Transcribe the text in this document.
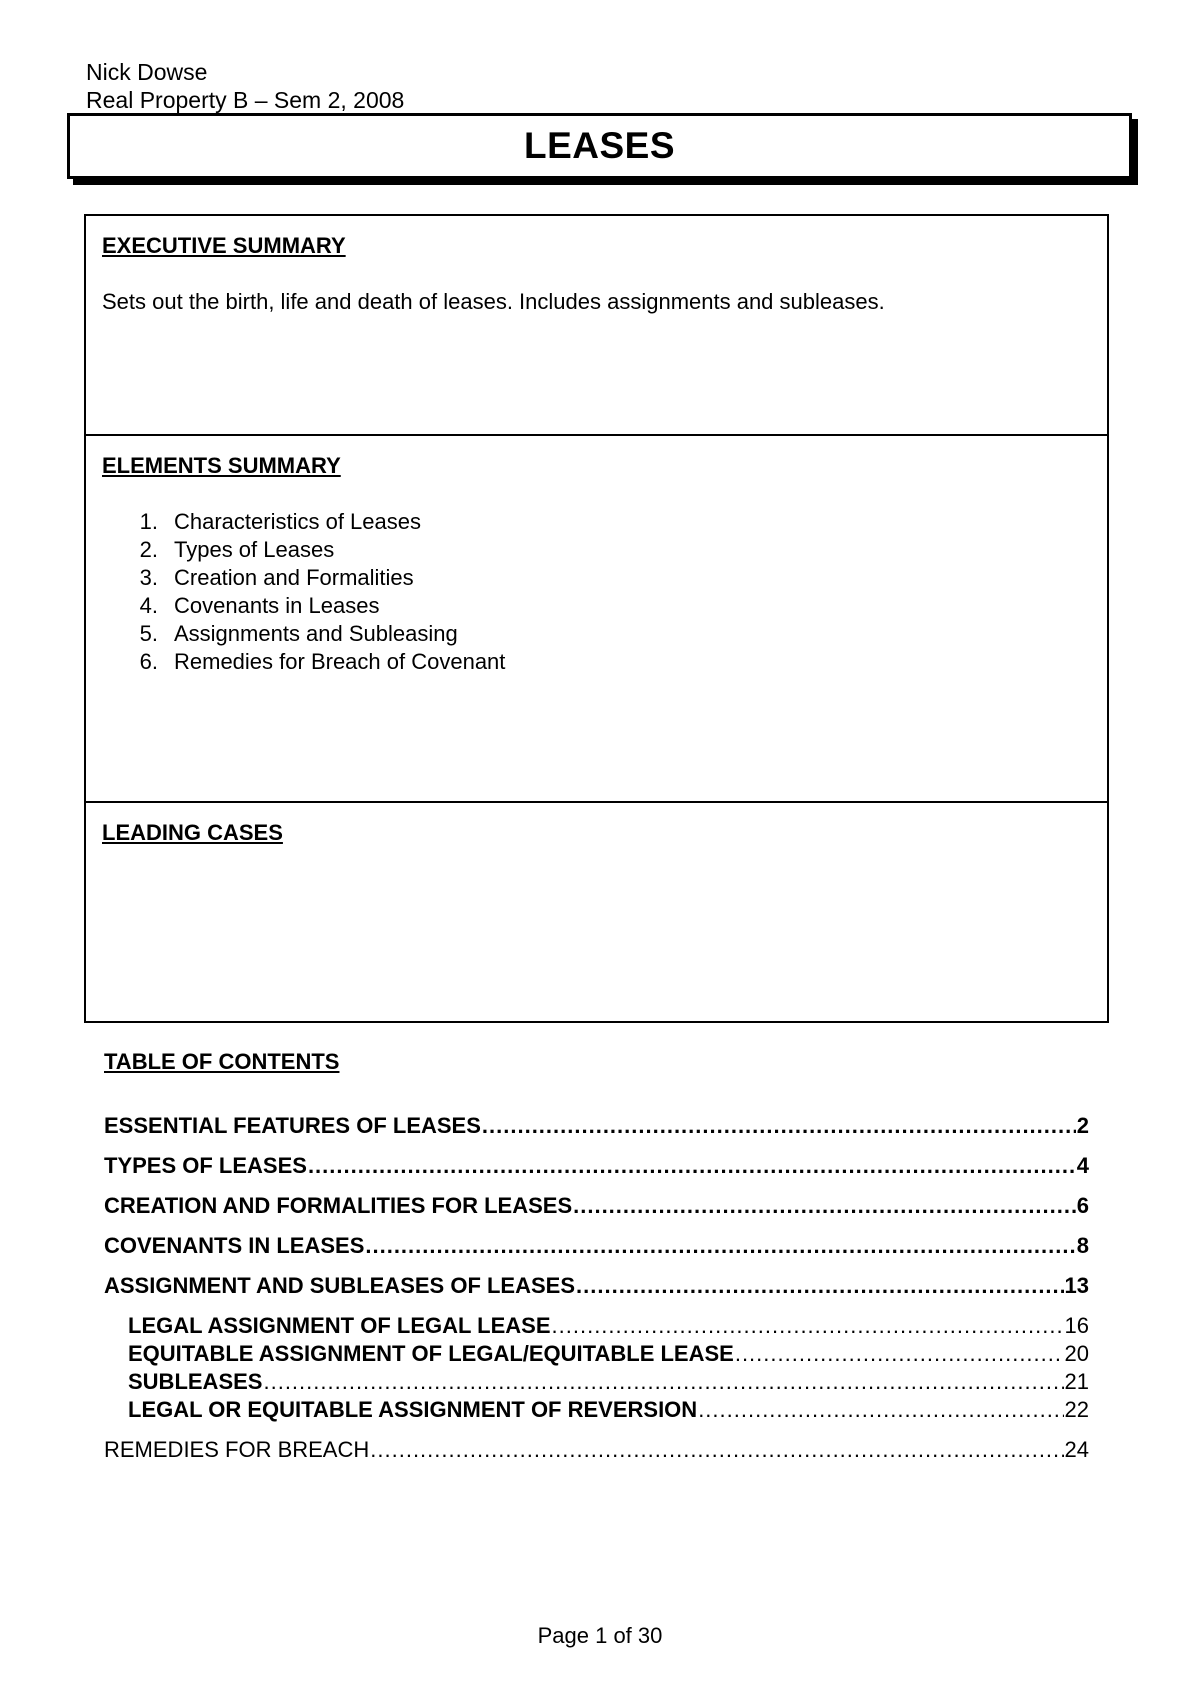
Nick Dowse
Real Property B – Sem 2, 2008
LEASES

EXECUTIVE SUMMARY

Sets out the birth, life and death of leases. Includes assignments and subleases.

ELEMENTS SUMMARY

1. Characteristics of Leases
2. Types of Leases
3. Creation and Formalities
4. Covenants in Leases
5. Assignments and Subleasing
6. Remedies for Breach of Covenant

LEADING CASES

TABLE OF CONTENTS

ESSENTIAL FEATURES OF LEASES .....	2
TYPES OF LEASES .....	4
CREATION AND FORMALITIES FOR LEASES .....	6
COVENANTS IN LEASES .....	8
ASSIGNMENT AND SUBLEASES OF LEASES .....	13
LEGAL ASSIGNMENT OF LEGAL LEASE .....	16
EQUITABLE ASSIGNMENT OF LEGAL/EQUITABLE LEASE .....	20
SUBLEASES .....	21
LEGAL OR EQUITABLE ASSIGNMENT OF REVERSION .....	22
REMEDIES FOR BREACH .....	24
Page 1 of 30
